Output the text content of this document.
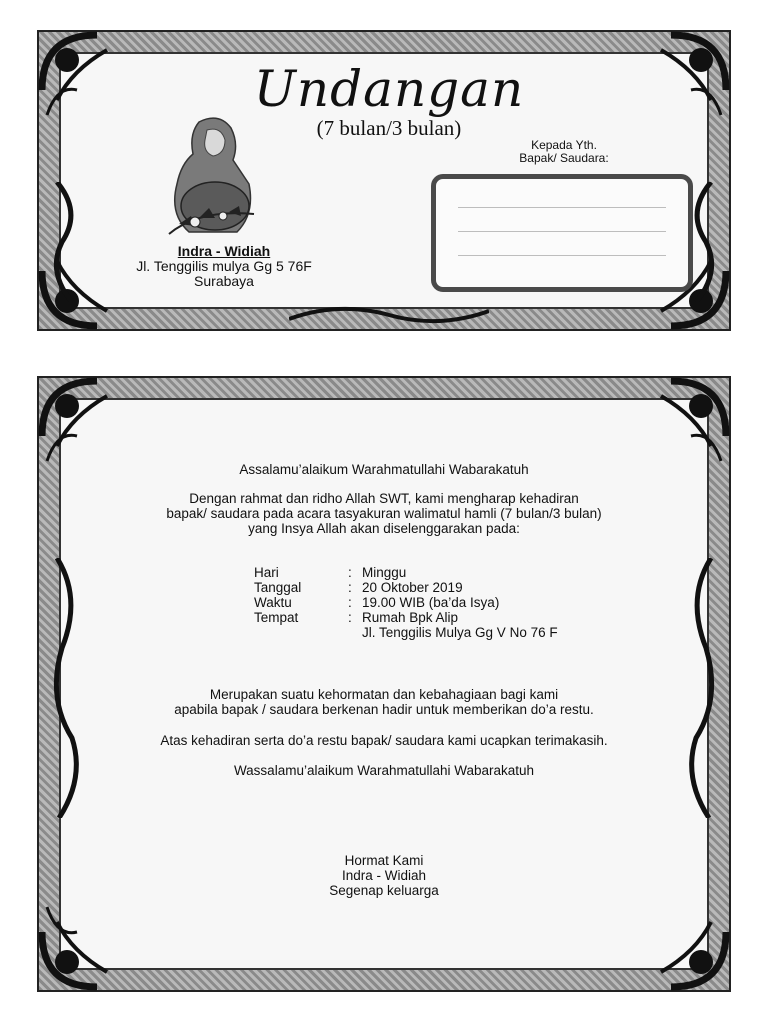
Undangan
(7 bulan/3 bulan)
Indra - Widiah
Jl. Tenggilis mulya Gg 5 76F
Surabaya
Kepada Yth.
Bapak/ Saudara:
Assalamu’alaikum Warahmatullahi Wabarakatuh
Dengan rahmat dan ridho Allah SWT, kami mengharap kehadiran
bapak/ saudara pada acara tasyakuran walimatul hamli (7 bulan/3 bulan)
yang Insya Allah akan diselenggarakan pada:
Hari	: Minggu
Tanggal	: 20 Oktober 2019
Waktu	: 19.00 WIB (ba’da Isya)
Tempat	: Rumah Bpk Alip
Jl. Tenggilis Mulya Gg V No 76 F
Merupakan suatu kehormatan dan kebahagiaan bagi kami
apabila bapak / saudara berkenan hadir untuk memberikan do’a restu.
Atas kehadiran serta do’a restu bapak/ saudara kami ucapkan terimakasih.
Wassalamu’alaikum Warahmatullahi Wabarakatuh
Hormat Kami
Indra - Widiah
Segenap keluarga
